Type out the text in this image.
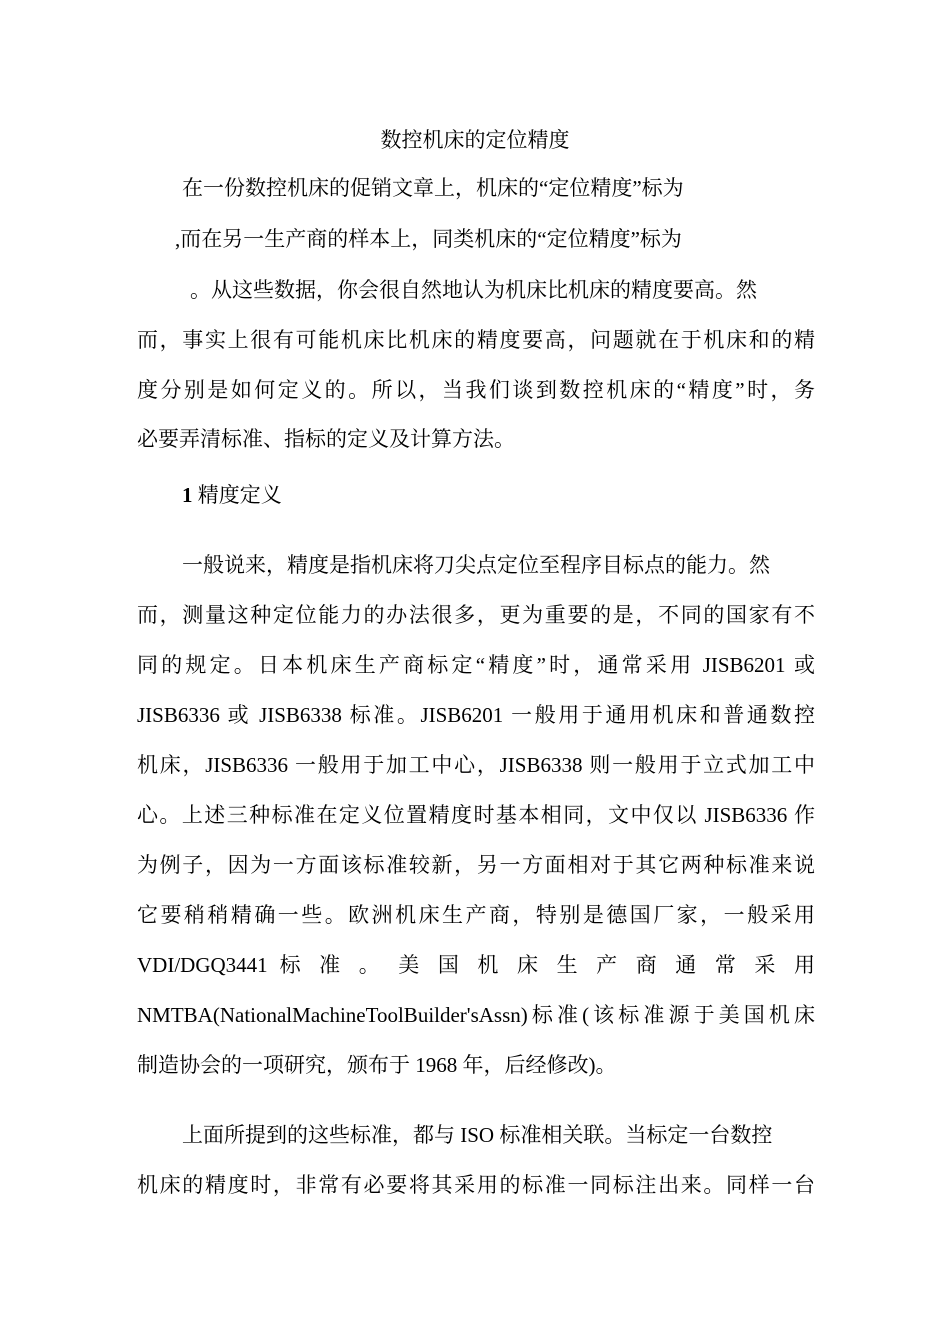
数控机床的定位精度
在一份数控机床的促销文章上，机床的“定位精度”标为
,而在另一生产商的样本上，同类机床的“定位精度”标为
。从这些数据，你会很自然地认为机床比机床的精度要高。然
而，事实上很有可能机床比机床的精度要高，问题就在于机床和的精
度分别是如何定义的。所以，当我们谈到数控机床的“精度”时，务
必要弄清标准、指标的定义及计算方法。
1 精度定义
一般说来，精度是指机床将刀尖点定位至程序目标点的能力。然
而，测量这种定位能力的办法很多，更为重要的是，不同的国家有不
同的规定。日本机床生产商标定“精度”时，通常采用 JISB6201 或
JISB6336 或 JISB6338 标准。JISB6201 一般用于通用机床和普通数控
机床，JISB6336 一般用于加工中心，JISB6338 则一般用于立式加工中
心。上述三种标准在定义位置精度时基本相同，文中仅以 JISB6336 作
为例子，因为一方面该标准较新，另一方面相对于其它两种标准来说
它要稍稍精确一些。欧洲机床生产商，特别是德国厂家，一般采用
VDI/DGQ3441 标 准 。 美 国 机 床 生 产 商 通 常 采 用
NMTBA(NationalMachineToolBuilder'sAssn)标准(该标准源于美国机床
制造协会的一项研究，颁布于 1968 年，后经修改)。
上面所提到的这些标准，都与 ISO 标准相关联。当标定一台数控
机床的精度时，非常有必要将其采用的标准一同标注出来。同样一台
